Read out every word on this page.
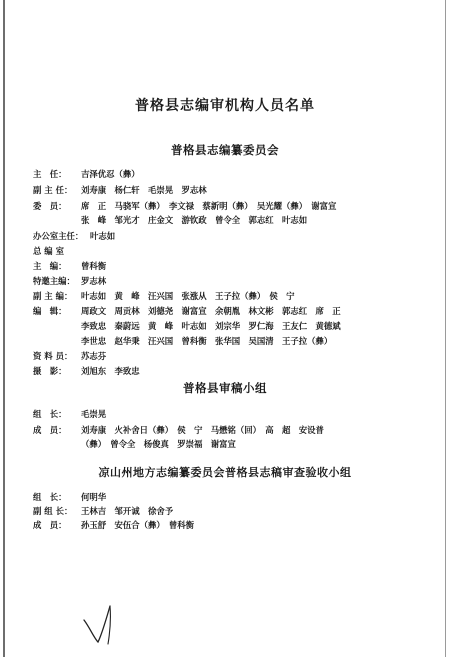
普格县志编审机构人员名单
普格县志编纂委员会
主　任： 吉泽优忍（彝）
副 主 任： 刘寿康　杨仁轩　毛崇晃　罗志林
委　员： 席　正　马骁军（彝）　李文禄　蔡新明（彝）　吴光耀（彝）　谢富宣
张　峰　邹光才　庄金文　游钦政　曾令全　郭志红　叶志如
办公室主任： 叶志如
总 编 室
主　编： 曾科衡
特邀主编： 罗志林
副 主 编： 叶志如　黄　峰　汪兴国　张涨从　王子拉（彝）　侯　宁
编　辑： 周政文　周贡林　刘德尧　谢富宣　余朝胤　林文彬　郭志红　席　正
李致忠　秦蔚远　黄　峰　叶志如　刘宗华　罗仁海　王友仁　黄德斌
李世忠　赵华秉　汪兴国　曾科衡　张华国　吴国清　王子拉（彝）
资 料 员： 苏志芬
摄　影： 刘旭东　李致忠
普格县审稿小组
组　长： 毛崇晃
成　员： 刘寿康　火补舍日（彝）　侯　宁　马懋铭（回）　高　超　安设普
（彝）　曾令全　杨俊真　罗崇福　谢富宣
凉山州地方志编纂委员会普格县志稿审查验收小组
组　长： 何明华
副 组 长： 王林吉　邹开诚　徐舍予
成　员： 孙玉舒　安伍合（彝）　曾科衡
